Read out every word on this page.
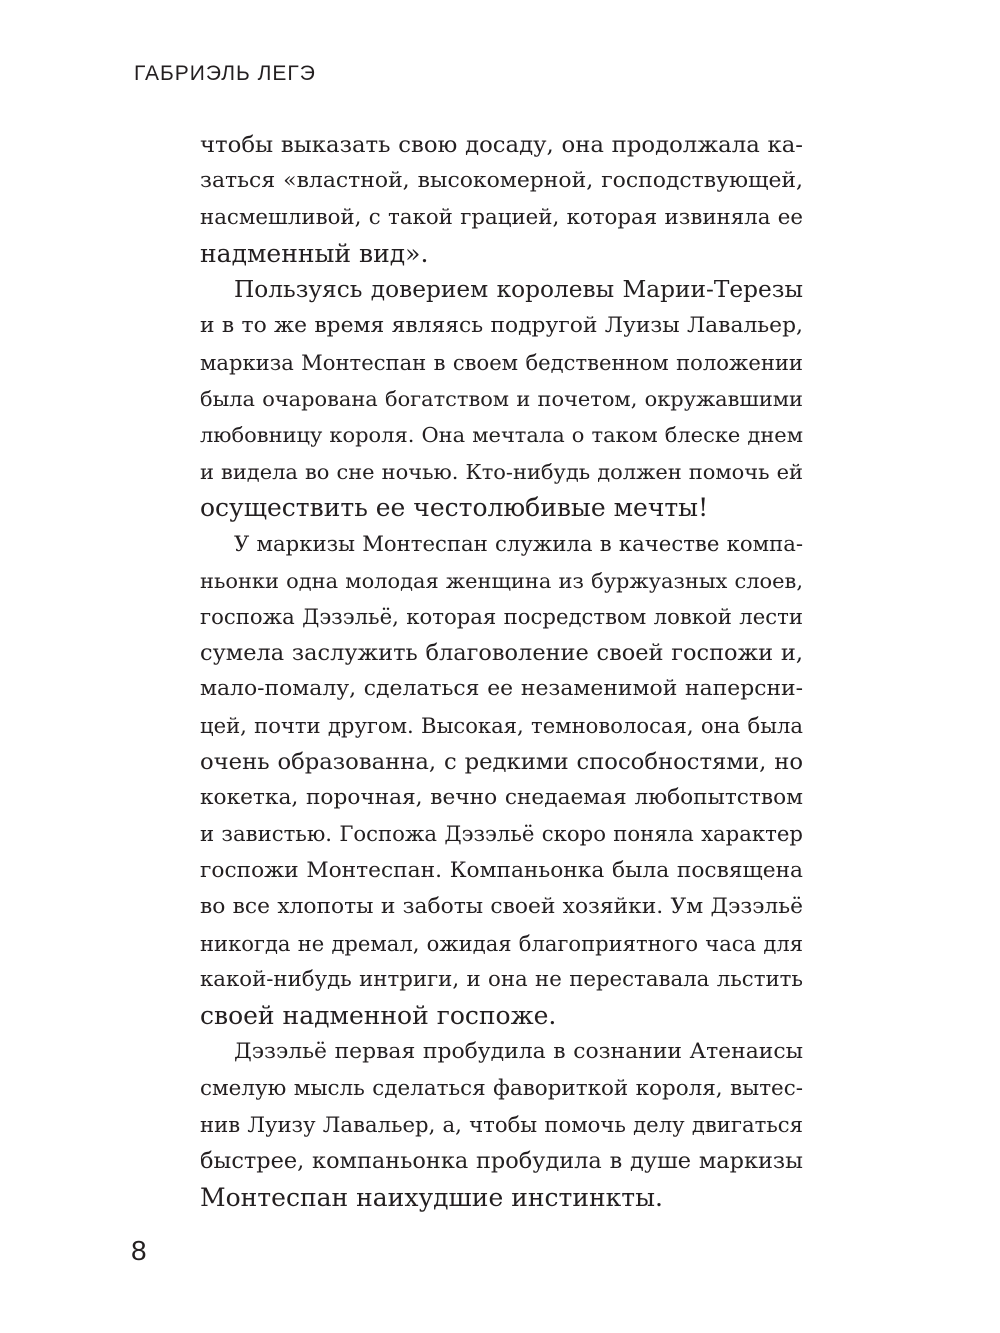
ГАБРИЭЛЬ ЛЕГЭ
чтобы выказать свою досаду, она продолжала ка-
заться «властной, высокомерной, господствующей,
насмешливой, с такой грацией, которая извиняла ее
надменный вид».
Пользуясь доверием королевы Марии-Терезы
и в то же время являясь подругой Луизы Лавальер,
маркиза Монтеспан в своем бедственном положении
была очарована богатством и почетом, окружавшими
любовницу короля. Она мечтала о таком блеске днем
и видела во сне ночью. Кто-нибудь должен помочь ей
осуществить ее честолюбивые мечты!
У маркизы Монтеспан служила в качестве компа-
ньонки одна молодая женщина из буржуазных слоев,
госпожа Дэзэльё, которая посредством ловкой лести
сумела заслужить благоволение своей госпожи и,
мало-помалу, сделаться ее незаменимой наперсни-
цей, почти другом. Высокая, темноволосая, она была
очень образованна, с редкими способностями, но
кокетка, порочная, вечно снедаемая любопытством
и завистью. Госпожа Дэзэльё скоро поняла характер
госпожи Монтеспан. Компаньонка была посвящена
во все хлопоты и заботы своей хозяйки. Ум Дэзэльё
никогда не дремал, ожидая благоприятного часа для
какой-нибудь интриги, и она не переставала льстить
своей надменной госпоже.
Дэзэльё первая пробудила в сознании Атенаисы
смелую мысль сделаться фавориткой короля, вытес-
нив Луизу Лавальер, а, чтобы помочь делу двигаться
быстрее, компаньонка пробудила в душе маркизы
Монтеспан наихудшие инстинкты.
8
